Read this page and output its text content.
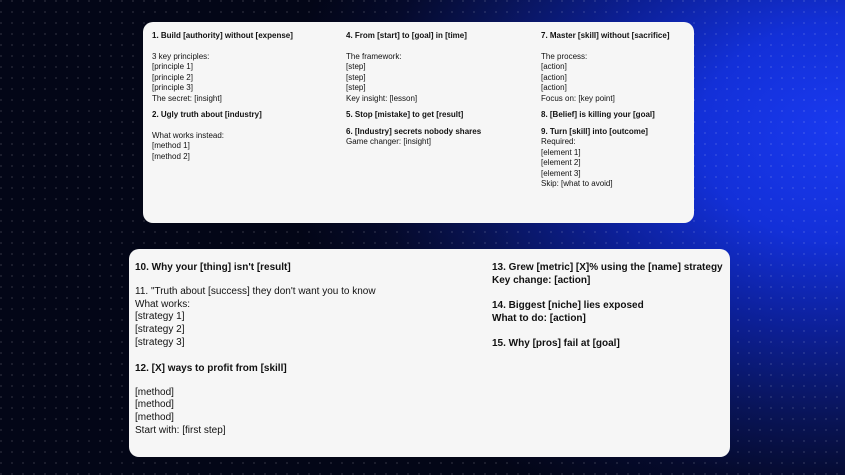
1. Build [authority] without [expense]

3 key principles:

[principle 1]

[principle 2]

[principle 3]

The secret: [insight]

2. Ugly truth about [industry]

What works instead:

[method 1]

[method 2]

4. From [start] to [goal] in [time]

The framework:

[step]

[step]

[step]

Key insight: [lesson]

5. Stop [mistake] to get [result]

6. [Industry] secrets nobody shares

Game changer: [insight]

7. Master [skill] without [sacrifice]

The process:

[action]

[action]

[action]

Focus on: [key point]

8. [Belief] is killing your [goal]

9. Turn [skill] into [outcome]

Required:

[element 1]

[element 2]

[element 3]

Skip: [what to avoid]

10. Why your [thing] isn't [result]

11. "Truth about [success] they don't want you to know

What works:

[strategy 1]

[strategy 2]

[strategy 3]

12. [X] ways to profit from [skill]

[method]

[method]

[method]

Start with: [first step]

13. Grew [metric] [X]% using the [name] strategy

Key change: [action]

14. Biggest [niche] lies exposed

What to do: [action]

15. Why [pros] fail at [goal]
